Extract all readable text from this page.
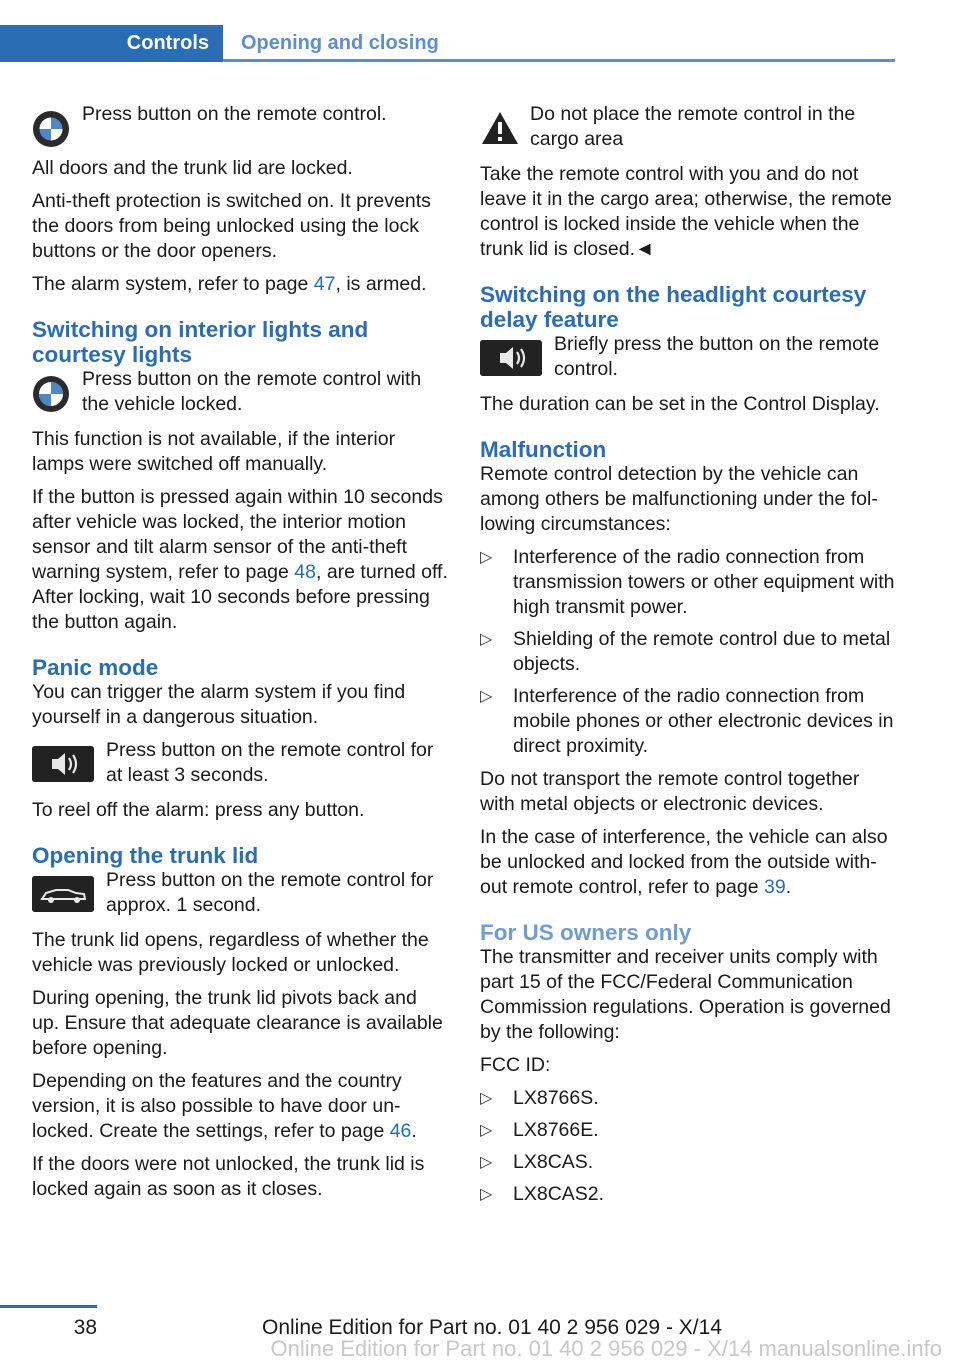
Controls	Opening and closing

Press button on the remote control.

All doors and the trunk lid are locked.

Anti-theft protection is switched on. It prevents the doors from being unlocked using the lock buttons or the door openers.

The alarm system, refer to page 47, is armed.

Switching on interior lights and courtesy lights

Press button on the remote control with the vehicle locked.

This function is not available, if the interior lamps were switched off manually.

If the button is pressed again within 10 seconds after vehicle was locked, the interior motion sensor and tilt alarm sensor of the anti-theft warning system, refer to page 48, are turned off. After locking, wait 10 seconds before pressing the button again.

Panic mode

You can trigger the alarm system if you find yourself in a dangerous situation.

Press button on the remote control for at least 3 seconds.

To reel off the alarm: press any button.

Opening the trunk lid

Press button on the remote control for approx. 1 second.

The trunk lid opens, regardless of whether the vehicle was previously locked or unlocked.

During opening, the trunk lid pivots back and up. Ensure that adequate clearance is available before opening.

Depending on the features and the country version, it is also possible to have door unlocked. Create the settings, refer to page 46.

If the doors were not unlocked, the trunk lid is locked again as soon as it closes.

Do not place the remote control in the cargo area

Take the remote control with you and do not leave it in the cargo area; otherwise, the remote control is locked inside the vehicle when the trunk lid is closed.◄

Switching on the headlight courtesy delay feature

Briefly press the button on the remote control.

The duration can be set in the Control Display.

Malfunction

Remote control detection by the vehicle can among others be malfunctioning under the following circumstances:

▷ Interference of the radio connection from transmission towers or other equipment with high transmit power.
▷ Shielding of the remote control due to metal objects.
▷ Interference of the radio connection from mobile phones or other electronic devices in direct proximity.

Do not transport the remote control together with metal objects or electronic devices.

In the case of interference, the vehicle can also be unlocked and locked from the outside without remote control, refer to page 39.

For US owners only

The transmitter and receiver units comply with part 15 of the FCC/Federal Communication Commission regulations. Operation is governed by the following:

FCC ID:

▷ LX8766S.
▷ LX8766E.
▷ LX8CAS.
▷ LX8CAS2.
38	Online Edition for Part no. 01 40 2 956 029 - X/14
Online Edition for Part no. 01 40 2 956 029 - X/14 manualsonline.info
